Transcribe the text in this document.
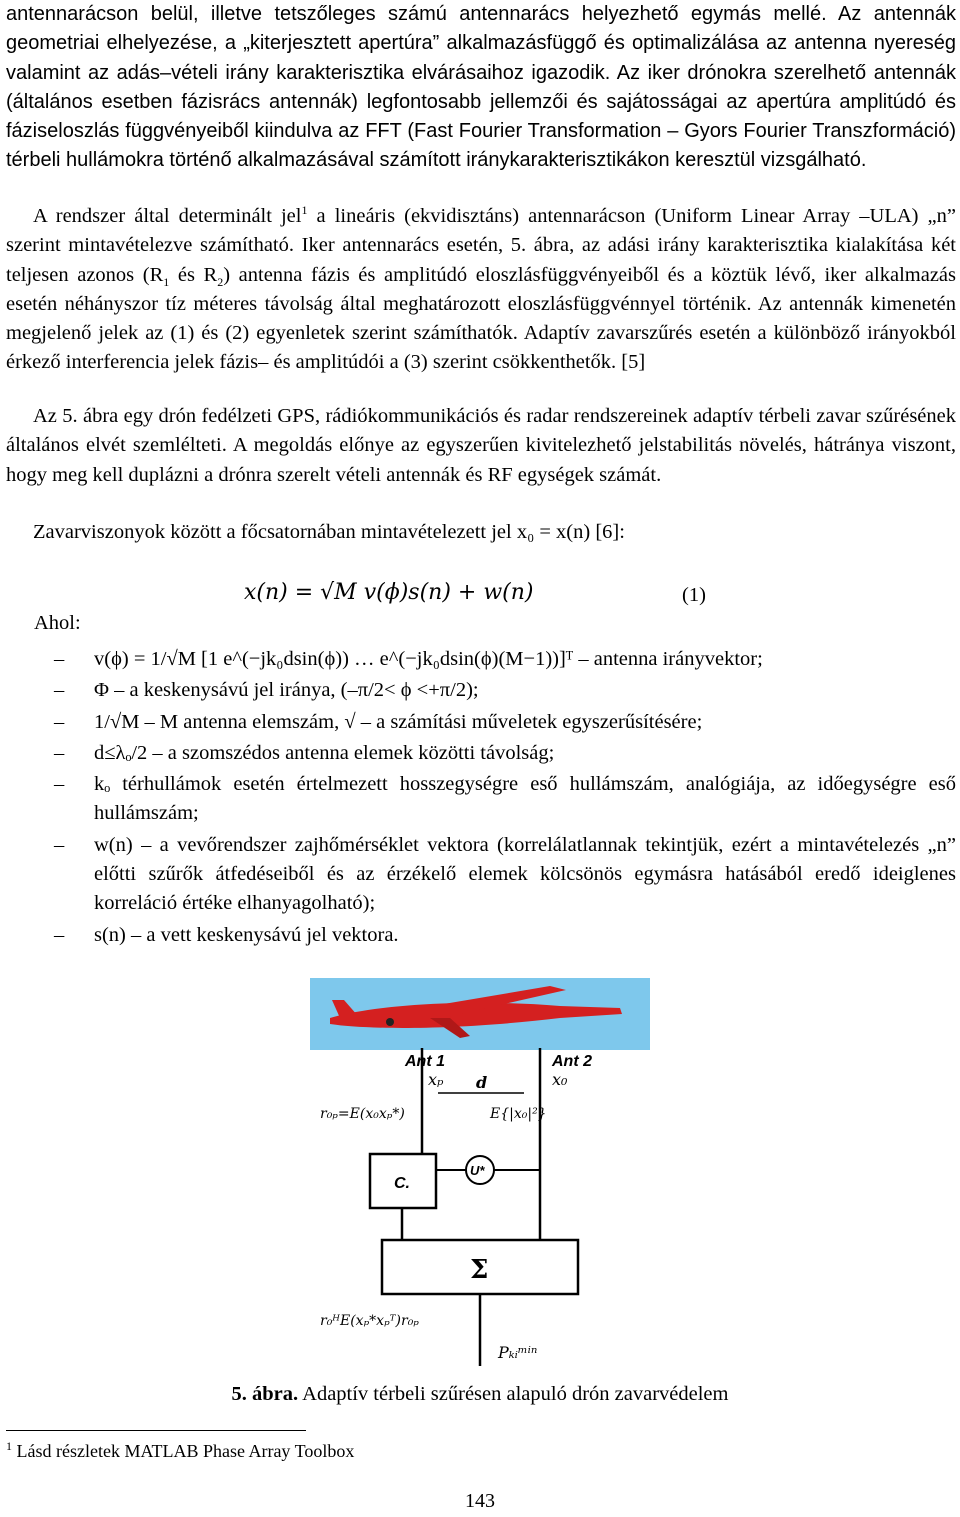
antennarácson belül, illetve tetszőleges számú antennarács helyezhető egymás mellé. Az antennák geometriai elhelyezése, a „kiterjesztett apertúra” alkalmazásfüggő és optimalizálása az antenna nyereség valamint az adás–vételi irány karakterisztika elvárásaihoz igazodik. Az iker drónokra szerelhető antennák (általános esetben fázisrács antennák) legfontosabb jellemzői és sajátosságai az apertúra amplitúdó és fáziseloszlás függvényeiből kiindulva az FFT (Fast Fourier Transformation – Gyors Fourier Transzformáció) térbeli hullámokra történő alkalmazásával számított iránykarakterisztikákon keresztül vizsgálható.

A rendszer által determinált jel$^1$ a lineáris (ekvidisztáns) antennarácson (Uniform Linear Array –ULA) „n” szerint mintavételezve számítható. Iker antennarács esetén, 5. ábra, az adási irány karakterisztika kialakítása két teljesen azonos ($R_1$ és $R_2$) antenna fázis és amplitúdó eloszlásfüggvényeiből és a köztük lévő, iker alkalmazás esetén néhányszor tíz méteres távolság által meghatározott eloszlásfüggvénnyel történik. Az antennák kimenetén megjelenő jelek az (1) és (2) egyenletek szerint számíthatók. Adaptív zavarszűrés esetén a különböző irányokból érkező interferencia jelek fázis– és amplitúdói a (3) szerint csökkenthetők. [5]

Az 5. ábra egy drón fedélzeti GPS, rádiókommunikációs és radar rendszereinek adaptív térbeli zavar szűrésének általános elvét szemlélteti. A megoldás előnye az egyszerűen kivitelezhető jelstabilitás növelés, hátránya viszont, hogy meg kell duplázni a drónra szerelt vételi antennák és RF egységek számát.

Zavarviszonyok között a főcsatornában mintavételezett jel x₀ = x(n) [6]:

x(n) = √M v(ϕ)s(n) + w(n)	(1)
Ahol:
– v(ϕ) = 1/√M [1 e^(−jk₀dsin(ϕ)) … e^(−jk₀dsin(ϕ)(M−1))]ᵀ – antenna irányvektor;
– Φ – a keskenysávú jel iránya, (–π/2< ϕ <+π/2);
– 1/√M – M antenna elemszám, √ – a számítási műveletek egyszerűsítésére;
– d≤λₒ/2 – a szomszédos antenna elemek közötti távolság;
– kₒ térhullámok esetén értelmezett hosszegységre eső hullámszám, analógiája, az időegységre eső hullámszám;
– w(n) – a vevőrendszer zajhőmérséklet vektora (korrelálatlannak tekintjük, ezért a mintavételezés „n” előtti szűrők átfedéseiből és az érzékelő elemek kölcsönös egymásra hatásából eredő ideiglenes korreláció értéke elhanyagolható);
– s(n) – a vett keskenysávú jel vektora.
Ant 1	Ant 2
xₚ	x₀
d
r₀ₚ=E(x₀xₚ*)	E{|x₀|²}
C.
U*
Σ
r₀ᴴE(xₚ*xₚᵀ)r₀ₚ
Pₖᵢᵐⁱⁿ
5. ábra. Adaptív térbeli szűrésen alapuló drón zavarvédelem
$^1$ Lásd részletek MATLAB Phase Array Toolbox
143
